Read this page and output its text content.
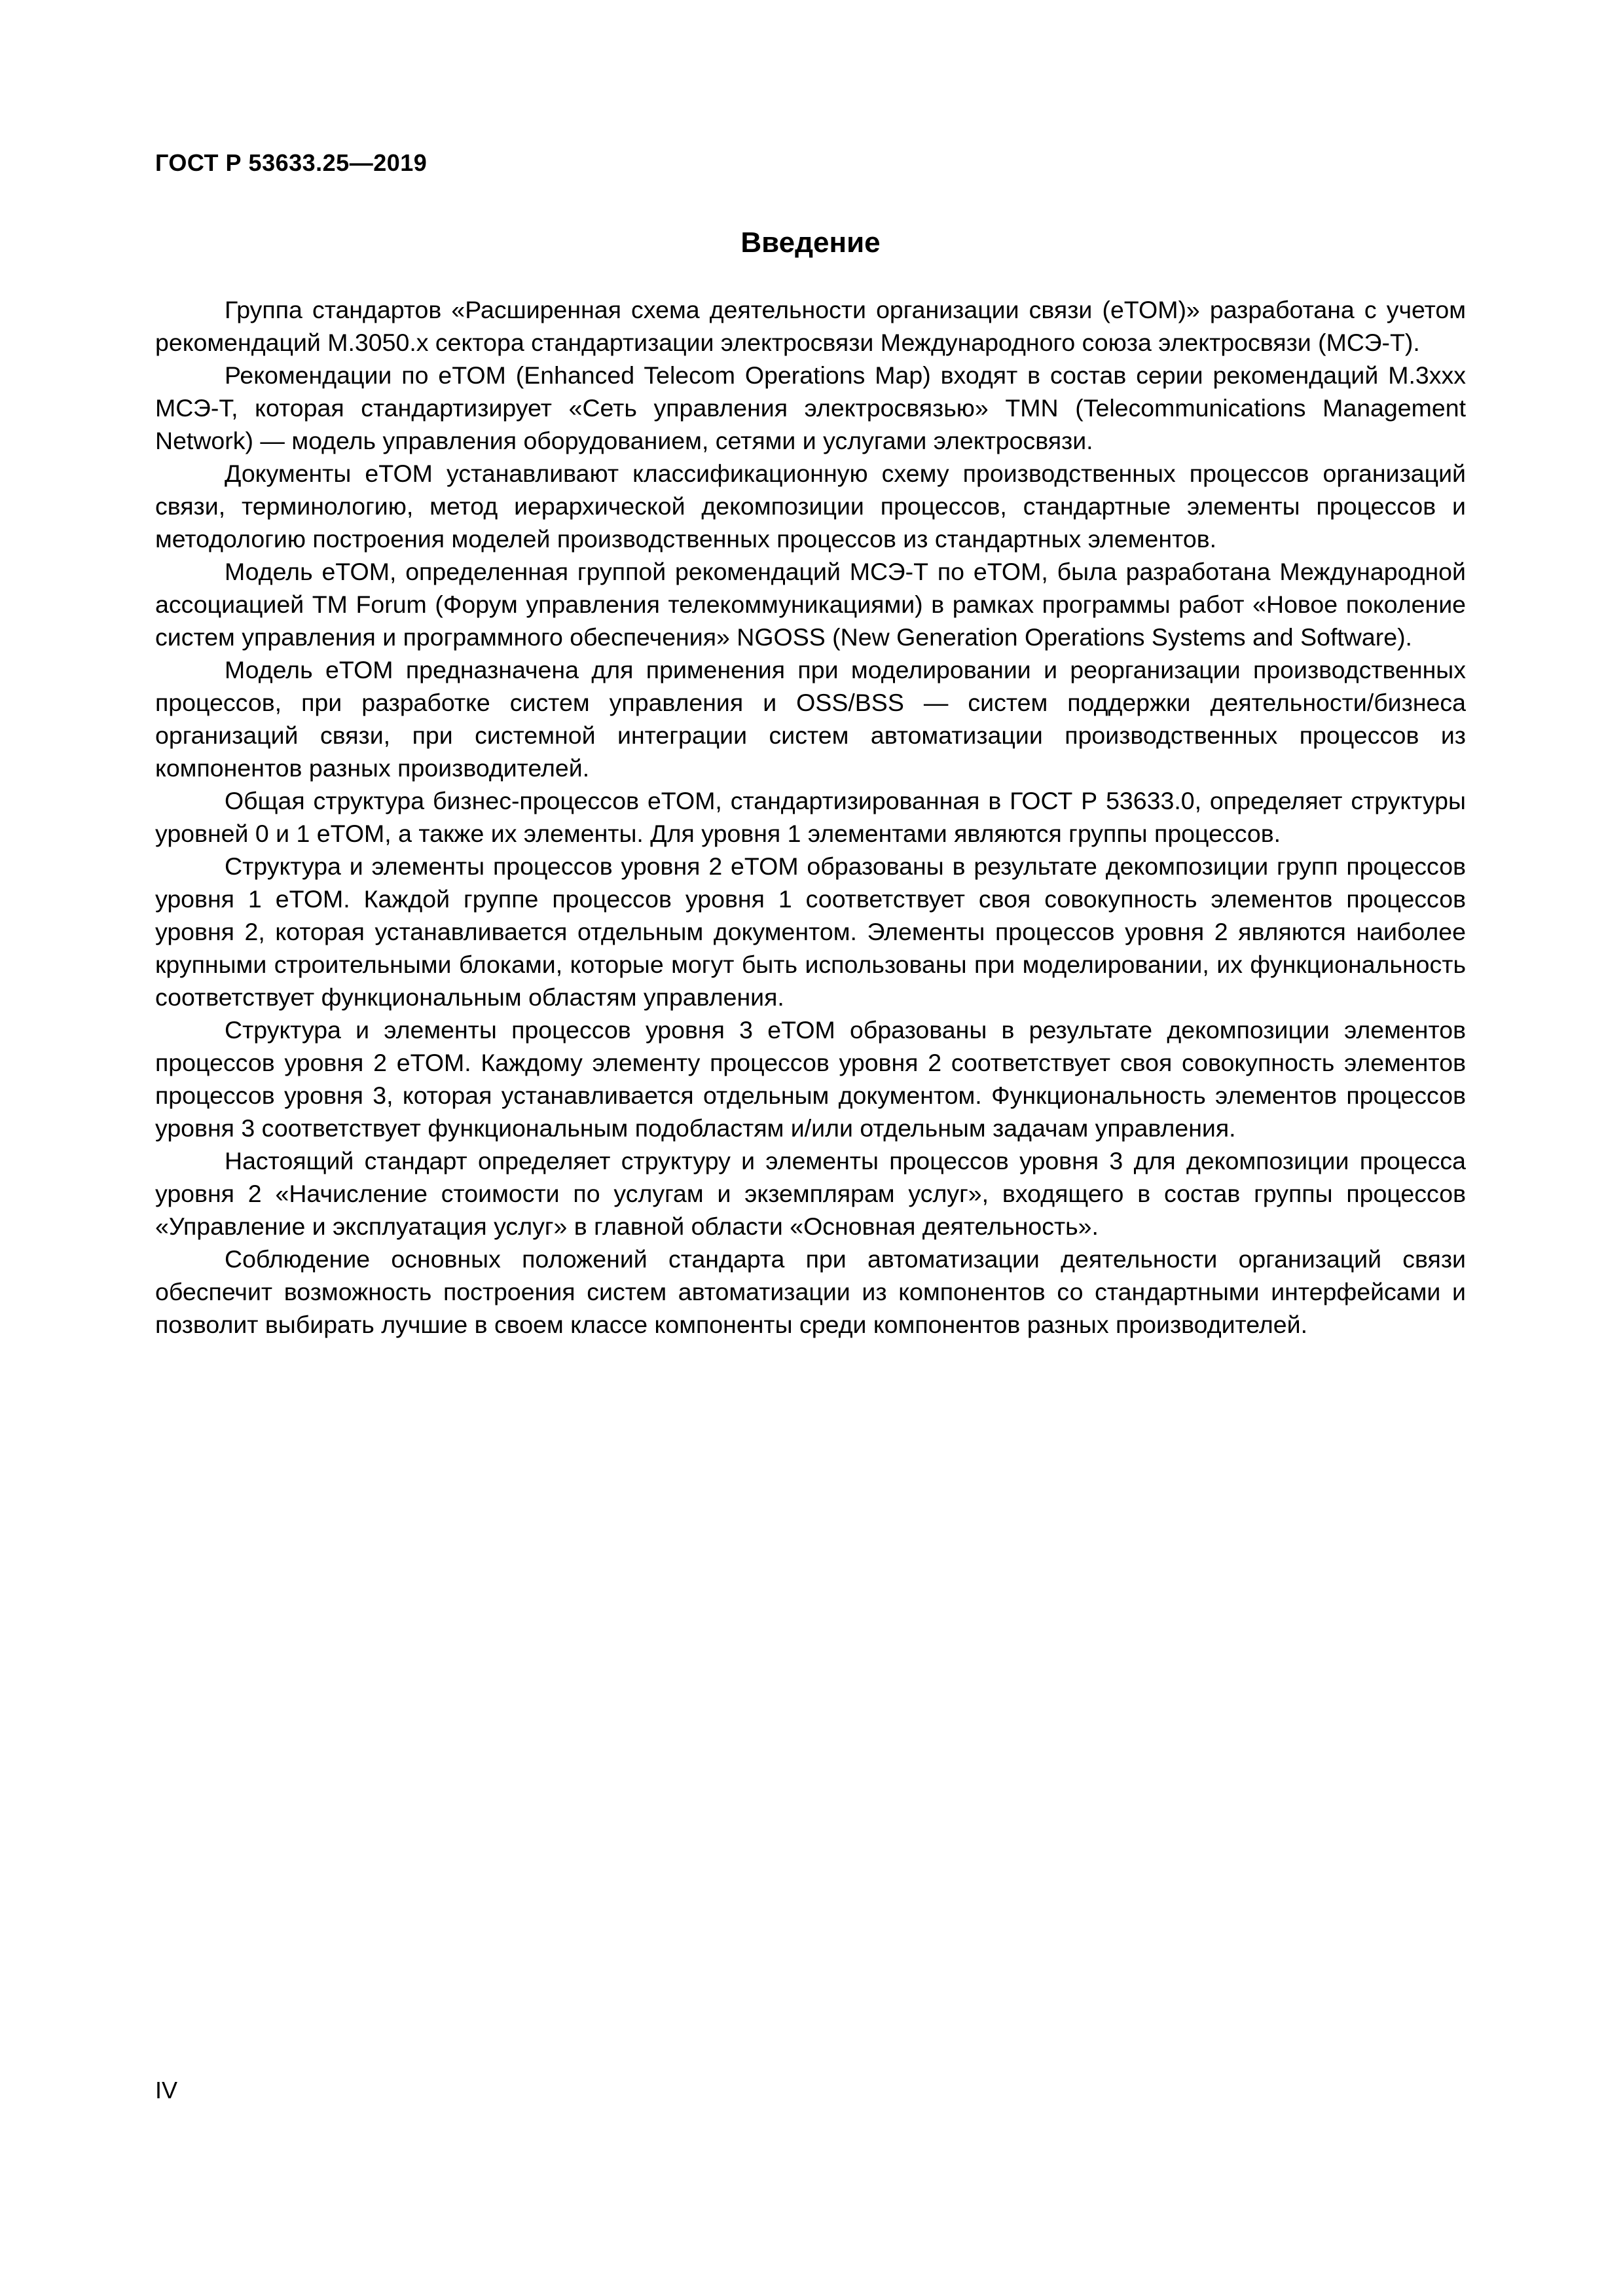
ГОСТ Р 53633.25—2019
Введение

Группа стандартов «Расширенная схема деятельности организации связи (eTOM)» разработана с учетом рекомендаций М.3050.х сектора стандартизации электросвязи Международного союза электросвязи (МСЭ-Т).

Рекомендации по eTOM (Enhanced Telecom Operations Map) входят в состав серии рекомендаций M.3xxx МСЭ-Т, которая стандартизирует «Сеть управления электросвязью» TMN (Telecommunications Management Network) — модель управления оборудованием, сетями и услугами электросвязи.

Документы eTOM устанавливают классификационную схему производственных процессов организаций связи, терминологию, метод иерархической декомпозиции процессов, стандартные элементы процессов и методологию построения моделей производственных процессов из стандартных элементов.

Модель eTOM, определенная группой рекомендаций МСЭ-Т по eTOM, была разработана Международной ассоциацией TM Forum (Форум управления телекоммуникациями) в рамках программы работ «Новое поколение систем управления и программного обеспечения» NGOSS (New Generation Operations Systems and Software).

Модель eTOM предназначена для применения при моделировании и реорганизации производственных процессов, при разработке систем управления и OSS/BSS — систем поддержки деятельности/бизнеса организаций связи, при системной интеграции систем автоматизации производственных процессов из компонентов разных производителей.

Общая структура бизнес-процессов eTOM, стандартизированная в ГОСТ Р 53633.0, определяет структуры уровней 0 и 1 eTOM, а также их элементы. Для уровня 1 элементами являются группы процессов.

Структура и элементы процессов уровня 2 eTOM образованы в результате декомпозиции групп процессов уровня 1 eTOM. Каждой группе процессов уровня 1 соответствует своя совокупность элементов процессов уровня 2, которая устанавливается отдельным документом. Элементы процессов уровня 2 являются наиболее крупными строительными блоками, которые могут быть использованы при моделировании, их функциональность соответствует функциональным областям управления.

Структура и элементы процессов уровня 3 eTOM образованы в результате декомпозиции элементов процессов уровня 2 eTOM. Каждому элементу процессов уровня 2 соответствует своя совокупность элементов процессов уровня 3, которая устанавливается отдельным документом. Функциональность элементов процессов уровня 3 соответствует функциональным подобластям и/или отдельным задачам управления.

Настоящий стандарт определяет структуру и элементы процессов уровня 3 для декомпозиции процесса уровня 2 «Начисление стоимости по услугам и экземплярам услуг», входящего в состав группы процессов «Управление и эксплуатация услуг» в главной области «Основная деятельность».

Соблюдение основных положений стандарта при автоматизации деятельности организаций связи обеспечит возможность построения систем автоматизации из компонентов со стандартными интерфейсами и позволит выбирать лучшие в своем классе компоненты среди компонентов разных производителей.

IV
